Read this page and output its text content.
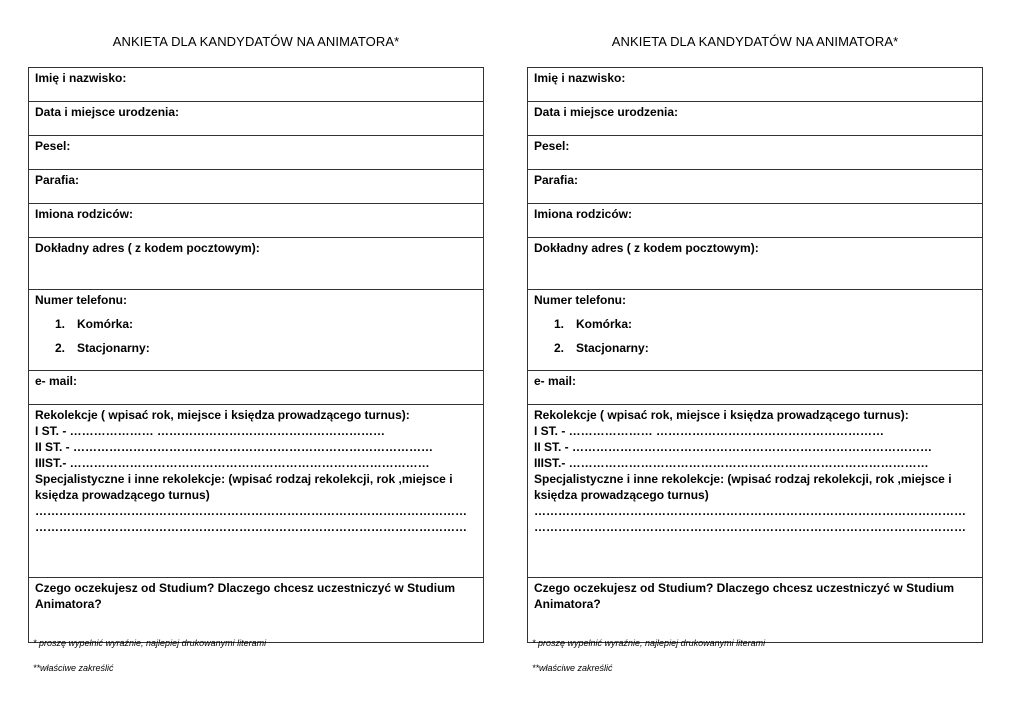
ANKIETA DLA KANDYDATÓW NA ANIMATORA*
Imię i nazwisko:
Data i miejsce urodzenia:
Pesel:
Parafia:
Imiona rodziców:
Dokładny adres ( z kodem pocztowym):

Numer telefonu:
1. Komórka:
2. Stacjonarny:

e- mail:

Rekolekcje ( wpisać rok, miejsce i księdza prowadzącego turnus):
I ST. - ………………… …………………………………………………
II ST. - ………………………………………………………………………………
IIIST.- ………………………………………………………………………………
Specjalistyczne i inne rekolekcje: (wpisać rodzaj rekolekcji, rok ,miejsce i księdza prowadzącego turnus)
………………………………………………………………………………………………
………………………………………………………………………………………………

Czego oczekujesz od Studium? Dlaczego chcesz uczestniczyć w Studium Animatora?
* proszę wypełnić wyraźnie, najlepiej drukowanymi literami
**właściwe zakreślić
ANKIETA DLA KANDYDATÓW NA ANIMATORA*
Imię i nazwisko:
Data i miejsce urodzenia:
Pesel:
Parafia:
Imiona rodziców:
Dokładny adres ( z kodem pocztowym):

Numer telefonu:
1. Komórka:
2. Stacjonarny:

e- mail:

Rekolekcje ( wpisać rok, miejsce i księdza prowadzącego turnus):
I ST. - ………………… …………………………………………………
II ST. - ………………………………………………………………………………
IIIST.- ………………………………………………………………………………
Specjalistyczne i inne rekolekcje: (wpisać rodzaj rekolekcji, rok ,miejsce i księdza prowadzącego turnus)
………………………………………………………………………………………………
………………………………………………………………………………………………

Czego oczekujesz od Studium? Dlaczego chcesz uczestniczyć w Studium Animatora?
* proszę wypełnić wyraźnie, najlepiej drukowanymi literami
**właściwe zakreślić
